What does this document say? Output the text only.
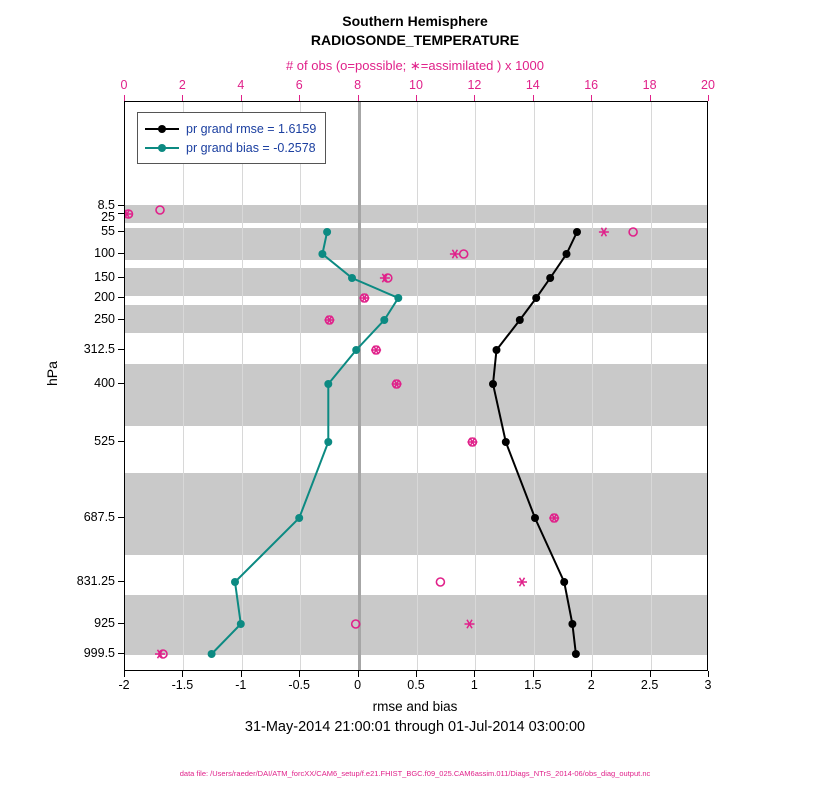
Southern Hemisphere
RADIOSONDE_TEMPERATURE
# of obs (o=possible; ∗=assimilated ) x 1000
pr grand rmse = 1.6159
pr grand bias = -0.2578
0	2	4	6	8	10	12	14	16	18	20
-2	-1.5	-1	-0.5	0	0.5	1	1.5	2	2.5	3
8.5
25
55
100
150
200
250
312.5
400
525
687.5
831.25
925
999.5
hPa
rmse and bias
31-May-2014 21:00:01 through 01-Jul-2014 03:00:00
data file: /Users/raeder/DAI/ATM_forcXX/CAM6_setup/f.e21.FHIST_BGC.f09_025.CAM6assim.011/Diags_NTrS_2014-06/obs_diag_output.nc
